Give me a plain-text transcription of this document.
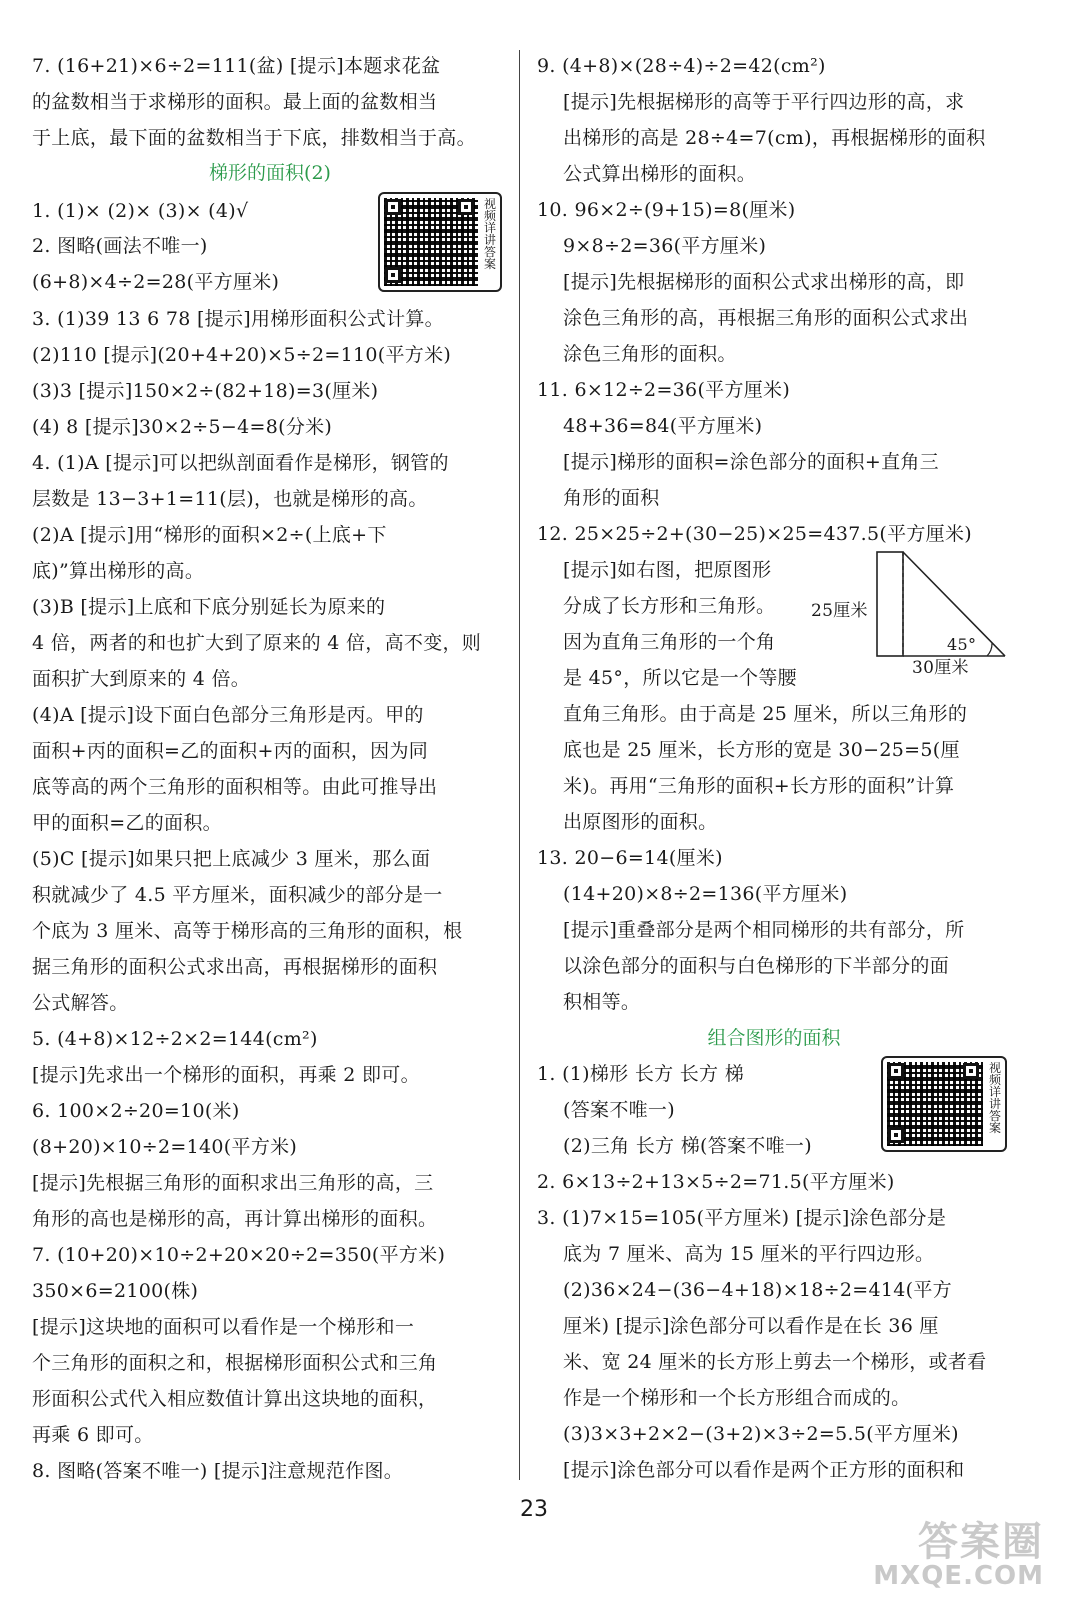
7. (16+21)×6÷2=111(盆) [提示]本题求花盆
的盆数相当于求梯形的面积。最上面的盆数相当
于上底，最下面的盆数相当于下底，排数相当于高。
梯形的面积(2)
视频详讲答案
1. (1)× (2)× (3)× (4)√
2. 图略(画法不唯一)
(6+8)×4÷2=28(平方厘米)
3. (1)39 13 6 78 [提示]用梯形面积公式计算。
(2)110 [提示](20+4+20)×5÷2=110(平方米)
(3)3 [提示]150×2÷(82+18)=3(厘米)
(4) 8 [提示]30×2÷5−4=8(分米)
4. (1)A [提示]可以把纵剖面看作是梯形，钢管的
层数是 13−3+1=11(层)，也就是梯形的高。
(2)A [提示]用“梯形的面积×2÷(上底+下
底)”算出梯形的高。
(3)B [提示]上底和下底分别延长为原来的
4 倍，两者的和也扩大到了原来的 4 倍，高不变，则
面积扩大到原来的 4 倍。
(4)A [提示]设下面白色部分三角形是丙。甲的
面积+丙的面积=乙的面积+丙的面积，因为同
底等高的两个三角形的面积相等。由此可推导出
甲的面积=乙的面积。
(5)C [提示]如果只把上底减少 3 厘米，那么面
积就减少了 4.5 平方厘米，面积减少的部分是一
个底为 3 厘米、高等于梯形高的三角形的面积，根
据三角形的面积公式求出高，再根据梯形的面积
公式解答。
5. (4+8)×12÷2×2=144(cm²)
[提示]先求出一个梯形的面积，再乘 2 即可。
6. 100×2÷20=10(米)
(8+20)×10÷2=140(平方米)
[提示]先根据三角形的面积求出三角形的高，三
角形的高也是梯形的高，再计算出梯形的面积。
7. (10+20)×10÷2+20×20÷2=350(平方米)
350×6=2100(株)
[提示]这块地的面积可以看作是一个梯形和一
个三角形的面积之和，根据梯形面积公式和三角
形面积公式代入相应数值计算出这块地的面积，
再乘 6 即可。
8. 图略(答案不唯一) [提示]注意规范作图。
9. (4+8)×(28÷4)÷2=42(cm²)
[提示]先根据梯形的高等于平行四边形的高，求
出梯形的高是 28÷4=7(cm)，再根据梯形的面积
公式算出梯形的面积。
10. 96×2÷(9+15)=8(厘米)
9×8÷2=36(平方厘米)
[提示]先根据梯形的面积公式求出梯形的高，即
涂色三角形的高，再根据三角形的面积公式求出
涂色三角形的面积。
11. 6×12÷2=36(平方厘米)
48+36=84(平方厘米)
[提示]梯形的面积=涂色部分的面积+直角三
角形的面积
12. 25×25÷2+(30−25)×25=437.5(平方厘米)
[提示]如右图，把原图形
分成了长方形和三角形。
因为直角三角形的一个角
是 45°，所以它是一个等腰
25厘米
45°
30厘米
直角三角形。由于高是 25 厘米，所以三角形的
底也是 25 厘米，长方形的宽是 30−25=5(厘
米)。再用“三角形的面积+长方形的面积”计算
出原图形的面积。
13. 20−6=14(厘米)
(14+20)×8÷2=136(平方厘米)
[提示]重叠部分是两个相同梯形的共有部分，所
以涂色部分的面积与白色梯形的下半部分的面
积相等。
组合图形的面积
视频详讲答案
1. (1)梯形 长方 长方 梯
(答案不唯一)
(2)三角 长方 梯(答案不唯一)
2. 6×13÷2+13×5÷2=71.5(平方厘米)
3. (1)7×15=105(平方厘米) [提示]涂色部分是
底为 7 厘米、高为 15 厘米的平行四边形。
(2)36×24−(36−4+18)×18÷2=414(平方
厘米) [提示]涂色部分可以看作是在长 36 厘
米、宽 24 厘米的长方形上剪去一个梯形，或者看
作是一个梯形和一个长方形组合而成的。
(3)3×3+2×2−(3+2)×3÷2=5.5(平方厘米)
[提示]涂色部分可以看作是两个正方形的面积和
23
答案圈
MXQE.COM
